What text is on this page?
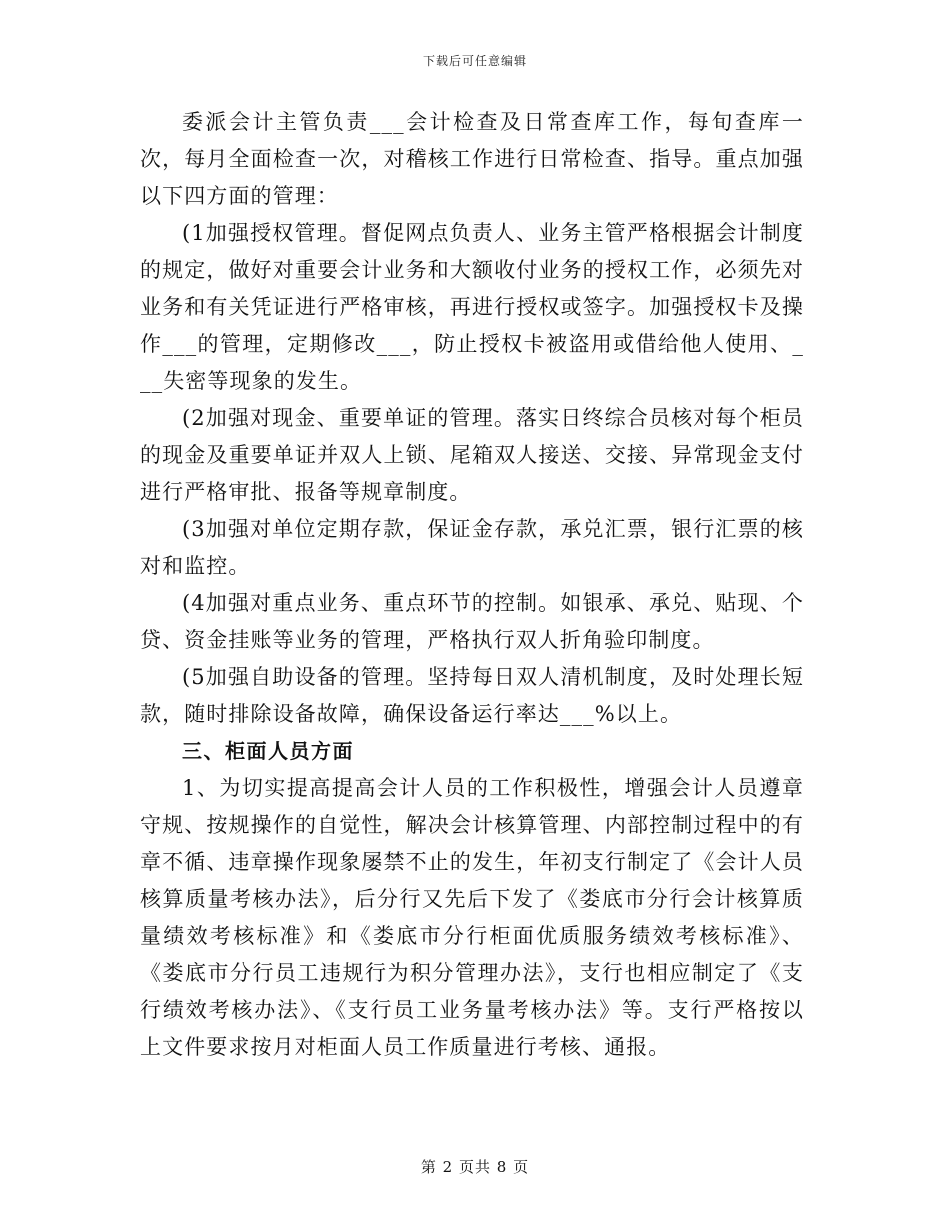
下载后可任意编辑

委派会计主管负责___会计检查及日常查库工作，每旬查库一次，每月全面检查一次，对稽核工作进行日常检查、指导。重点加强以下四方面的管理：

(1加强授权管理。督促网点负责人、业务主管严格根据会计制度的规定，做好对重要会计业务和大额收付业务的授权工作，必须先对业务和有关凭证进行严格审核，再进行授权或签字。加强授权卡及操作___的管理，定期修改___，防止授权卡被盗用或借给他人使用、___失密等现象的发生。

(2加强对现金、重要单证的管理。落实日终综合员核对每个柜员的现金及重要单证并双人上锁、尾箱双人接送、交接、异常现金支付进行严格审批、报备等规章制度。

(3加强对单位定期存款，保证金存款，承兑汇票，银行汇票的核对和监控。

(4加强对重点业务、重点环节的控制。如银承、承兑、贴现、个贷、资金挂账等业务的管理，严格执行双人折角验印制度。

(5加强自助设备的管理。坚持每日双人清机制度，及时处理长短款，随时排除设备故障，确保设备运行率达___%以上。

三、柜面人员方面

1、为切实提高提高会计人员的工作积极性，增强会计人员遵章守规、按规操作的自觉性，解决会计核算管理、内部控制过程中的有章不循、违章操作现象屡禁不止的发生，年初支行制定了《会计人员核算质量考核办法》，后分行又先后下发了《娄底市分行会计核算质量绩效考核标准》和《娄底市分行柜面优质服务绩效考核标准》、《娄底市分行员工违规行为积分管理办法》，支行也相应制定了《支行绩效考核办法》、《支行员工业务量考核办法》等。支行严格按以上文件要求按月对柜面人员工作质量进行考核、通报。

第 2 页共 8 页
